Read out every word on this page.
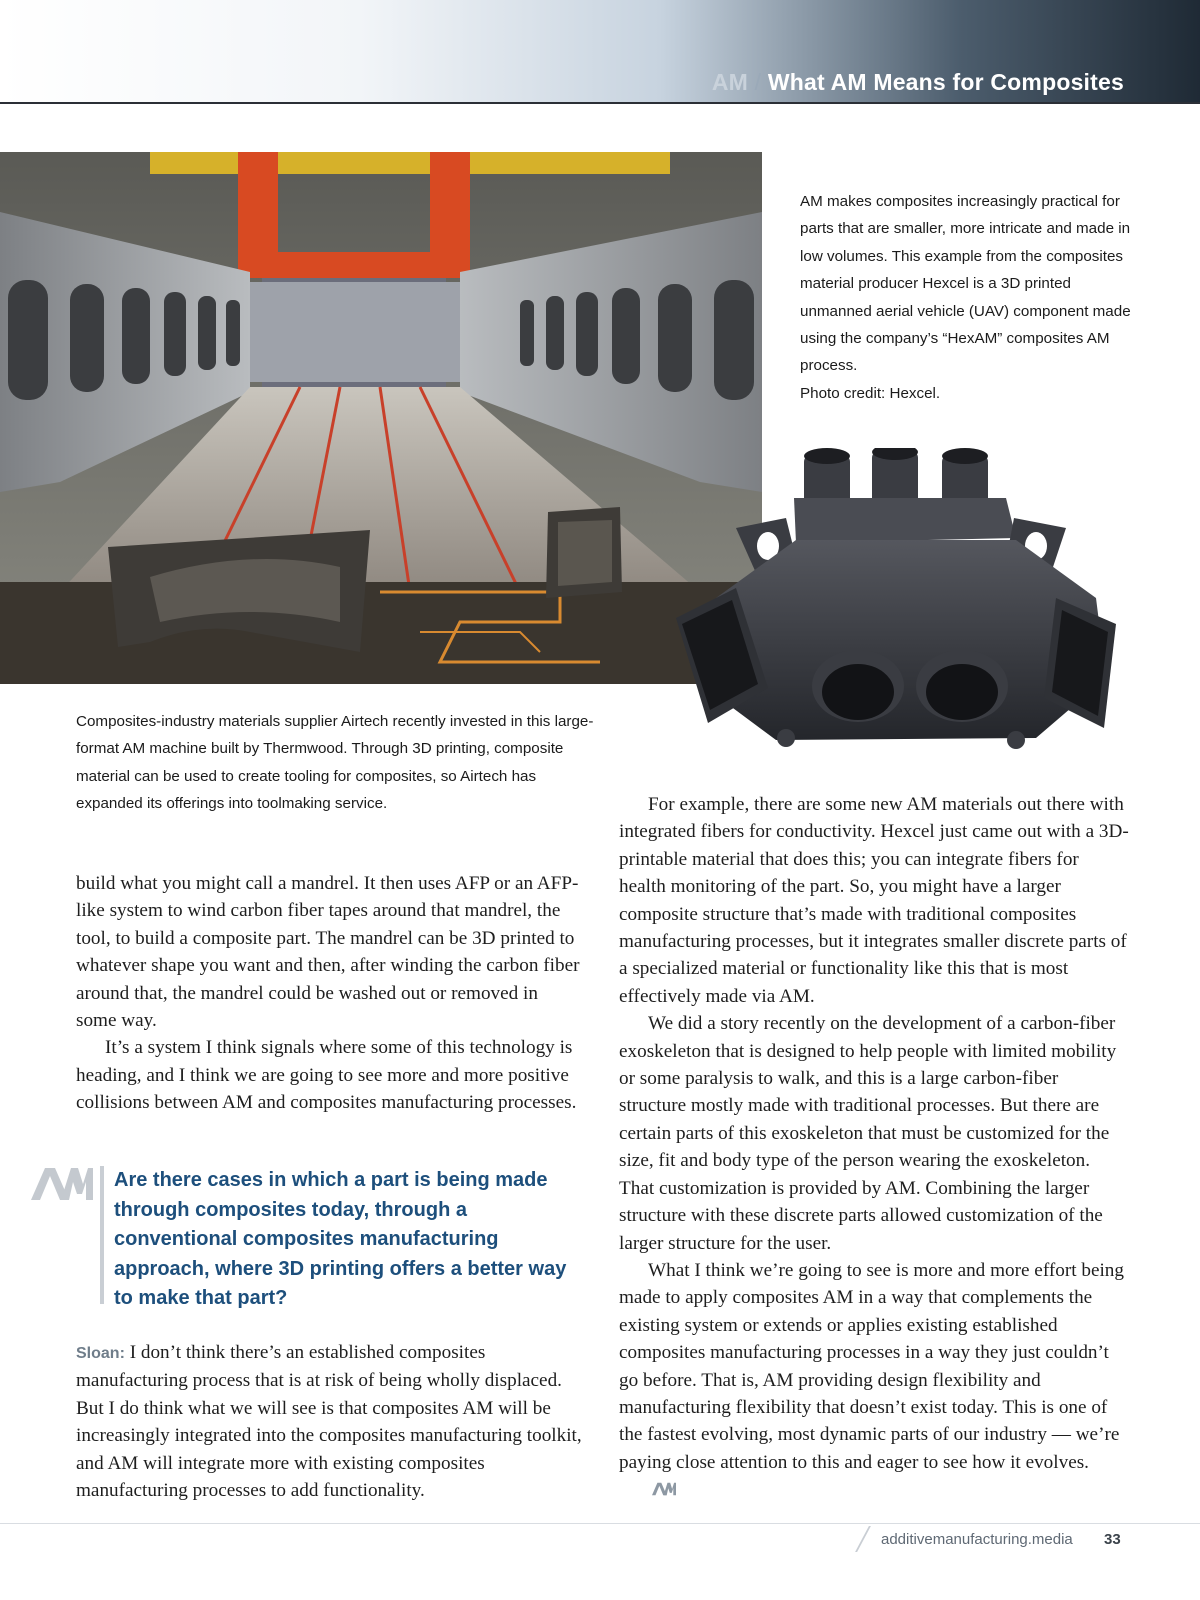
AM / What AM Means for Composites

AM makes composites increasingly practical for parts that are smaller, more intricate and made in low volumes. This example from the composites material producer Hexcel is a 3D printed unmanned aerial vehicle (UAV) component made using the company’s “HexAM” composites AM process.

Photo credit: Hexcel.

Composites-industry materials supplier Airtech recently invested in this large-format AM machine built by Thermwood. Through 3D printing, composite material can be used to create tooling for composites, so Airtech has expanded its offerings into toolmaking service.

build what you might call a mandrel. It then uses AFP or an AFP-like system to wind carbon fiber tapes around that mandrel, the tool, to build a composite part. The mandrel can be 3D printed to whatever shape you want and then, after winding the carbon fiber around that, the mandrel could be washed out or removed in some way.

It’s a system I think signals where some of this technology is heading, and I think we are going to see more and more positive collisions between AM and composites manufacturing processes.

Are there cases in which a part is being made through composites today, through a conventional composites manufacturing approach, where 3D printing offers a better way to make that part?
Sloan: I don’t think there’s an established composites manufacturing process that is at risk of being wholly displaced. But I do think what we will see is that composites AM will be increasingly integrated into the composites manufacturing toolkit, and AM will integrate more with existing composites manufacturing processes to add functionality.

For example, there are some new AM materials out there with integrated fibers for conductivity. Hexcel just came out with a 3D-printable material that does this; you can integrate fibers for health monitoring of the part. So, you might have a larger composite structure that’s made with traditional composites manufacturing processes, but it integrates smaller discrete parts of a specialized material or functionality like this that is most effectively made via AM.

We did a story recently on the development of a carbon-fiber exoskeleton that is designed to help people with limited mobility or some paralysis to walk, and this is a large carbon-fiber structure mostly made with traditional processes. But there are certain parts of this exoskeleton that must be customized for the size, fit and body type of the person wearing the exoskeleton. That customization is provided by AM. Combining the larger structure with these discrete parts allowed customization of the larger structure for the user.

What I think we’re going to see is more and more effort being made to apply composites AM in a way that complements the existing system or extends or applies existing established composites manufacturing processes in a way they just couldn’t go before. That is, AM providing design flexibility and manufacturing flexibility that doesn’t exist today. This is one of the fastest evolving, most dynamic parts of our industry — we’re paying close attention to this and eager to see how it evolves.

additivemanufacturing.media 33
